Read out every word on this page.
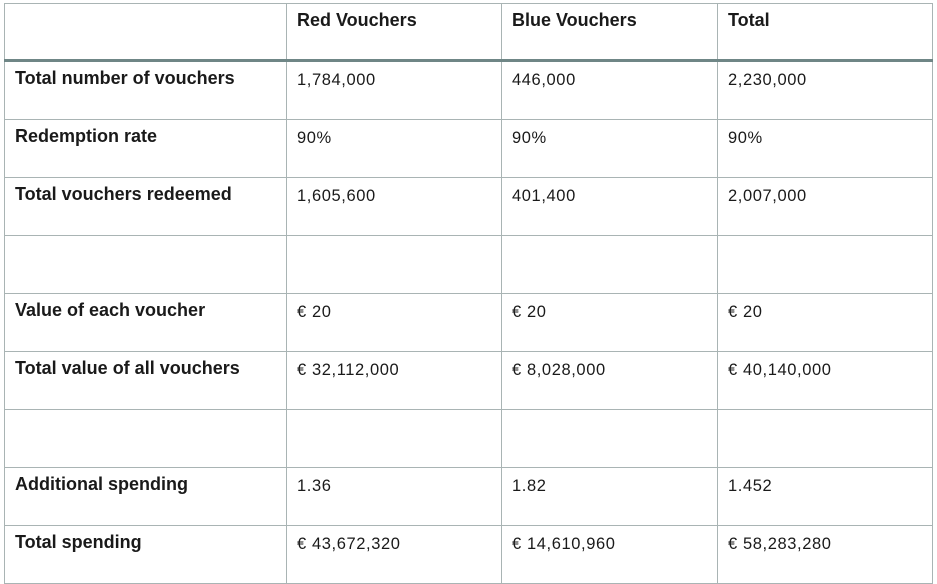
	Red Vouchers	Blue Vouchers	Total
Total number of vouchers	1,784,000	446,000	2,230,000
Redemption rate	90%	90%	90%
Total vouchers redeemed	1,605,600	401,400	2,007,000

Value of each voucher	€ 20	€ 20	€ 20
Total value of all vouchers	€ 32,112,000	€ 8,028,000	€ 40,140,000

Additional spending	1.36	1.82	1.452
Total spending	€ 43,672,320	€ 14,610,960	€ 58,283,280
